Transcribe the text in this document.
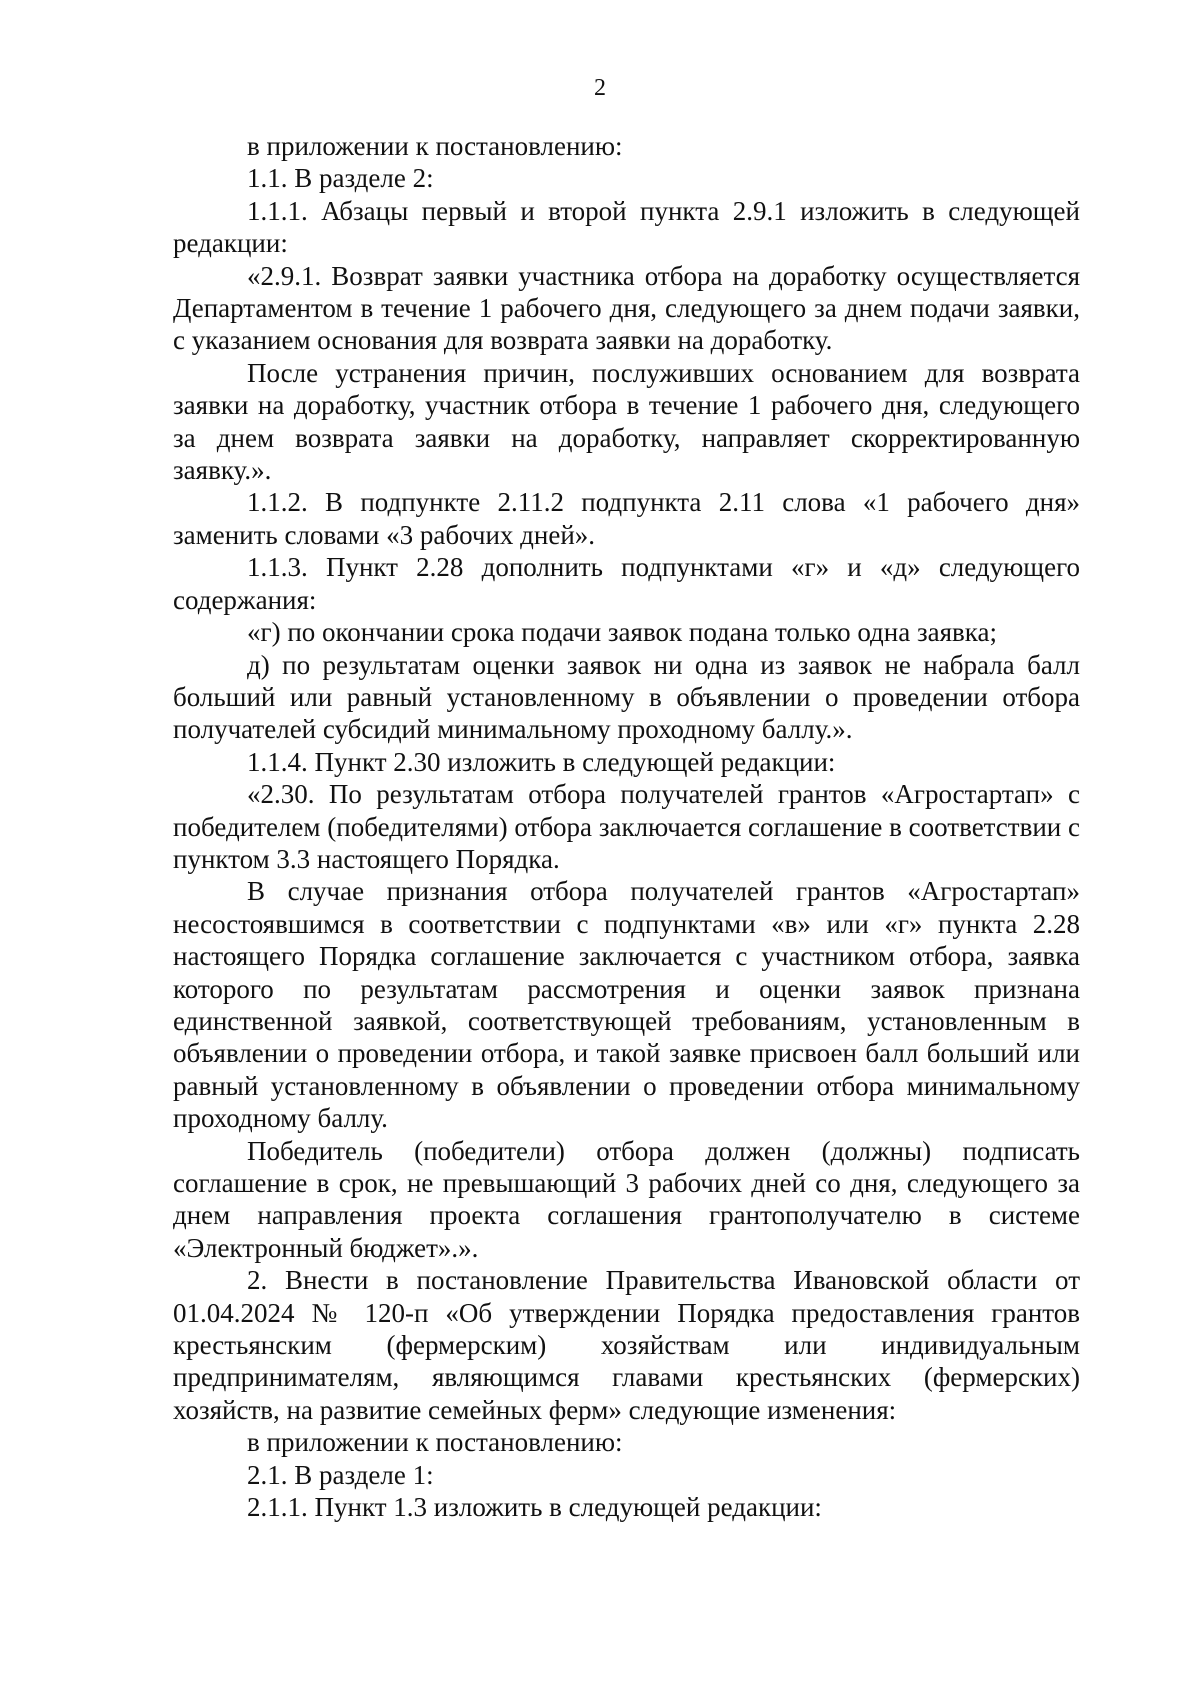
2

в приложении к постановлению:

1.1. В разделе 2:

1.1.1. Абзацы первый и второй пункта 2.9.1 изложить в следующей редакции:

«2.9.1. Возврат заявки участника отбора на доработку осуществляется Департаментом в течение 1 рабочего дня, следующего за днем подачи заявки, с указанием основания для возврата заявки на доработку.

После устранения причин, послуживших основанием для возврата заявки на доработку, участник отбора в течение 1 рабочего дня, следующего за днем возврата заявки на доработку, направляет скорректированную заявку.».

1.1.2. В подпункте 2.11.2 подпункта 2.11 слова «1 рабочего дня» заменить словами «3 рабочих дней».

1.1.3. Пункт 2.28 дополнить подпунктами «г» и «д» следующего содержания:

«г) по окончании срока подачи заявок подана только одна заявка;

д) по результатам оценки заявок ни одна из заявок не набрала балл больший или равный установленному в объявлении о проведении отбора получателей субсидий минимальному проходному баллу.».

1.1.4. Пункт 2.30 изложить в следующей редакции:

«2.30. По результатам отбора получателей грантов «Агростартап» с победителем (победителями) отбора заключается соглашение в соответствии с пунктом 3.3 настоящего Порядка.

В случае признания отбора получателей грантов «Агростартап» несостоявшимся в соответствии с подпунктами «в» или «г» пункта 2.28 настоящего Порядка соглашение заключается с участником отбора, заявка которого по результатам рассмотрения и оценки заявок признана единственной заявкой, соответствующей требованиям, установленным в объявлении о проведении отбора, и такой заявке присвоен балл больший или равный установленному в объявлении о проведении отбора минимальному проходному баллу.

Победитель (победители) отбора должен (должны) подписать соглашение в срок, не превышающий 3 рабочих дней со дня, следующего за днем направления проекта соглашения грантополучателю в системе «Электронный бюджет».».

2. Внести в постановление Правительства Ивановской области от 01.04.2024 № 120-п «Об утверждении Порядка предоставления грантов крестьянским (фермерским) хозяйствам или индивидуальным предпринимателям, являющимся главами крестьянских (фермерских) хозяйств, на развитие семейных ферм» следующие изменения:

в приложении к постановлению:

2.1. В разделе 1:

2.1.1. Пункт 1.3 изложить в следующей редакции:
